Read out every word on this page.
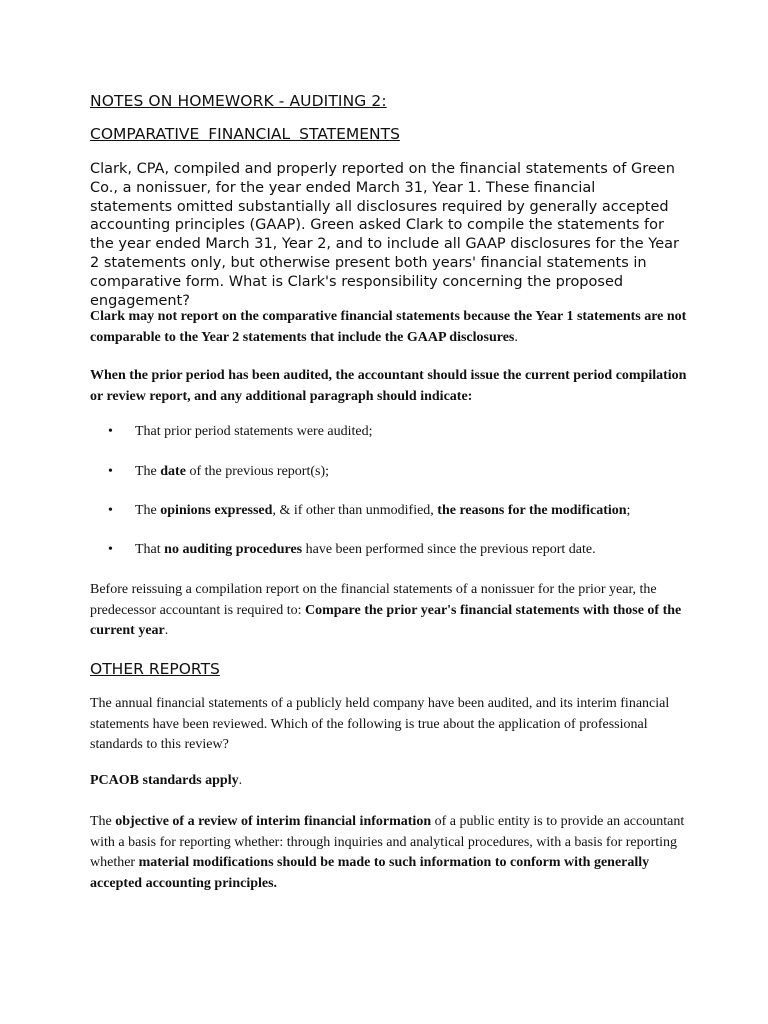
NOTES ON HOMEWORK - AUDITING 2:
COMPARATIVE FINANCIAL STATEMENTS

Clark, CPA, compiled and properly reported on the financial statements of Green Co., a nonissuer, for the year ended March 31, Year 1. These financial statements omitted substantially all disclosures required by generally accepted accounting principles (GAAP). Green asked Clark to compile the statements for the year ended March 31, Year 2, and to include all GAAP disclosures for the Year 2 statements only, but otherwise present both years' financial statements in comparative form. What is Clark's responsibility concerning the proposed engagement?

Clark may not report on the comparative financial statements because the Year 1 statements are not comparable to the Year 2 statements that include the GAAP disclosures.

When the prior period has been audited, the accountant should issue the current period compilation or review report, and any additional paragraph should indicate:

• That prior period statements were audited;
• The date of the previous report(s);
• The opinions expressed, & if other than unmodified, the reasons for the modification;
• That no auditing procedures have been performed since the previous report date.

Before reissuing a compilation report on the financial statements of a nonissuer for the prior year, the predecessor accountant is required to: Compare the prior year's financial statements with those of the current year.

OTHER REPORTS

The annual financial statements of a publicly held company have been audited, and its interim financial statements have been reviewed. Which of the following is true about the application of professional standards to this review?

PCAOB standards apply.

The objective of a review of interim financial information of a public entity is to provide an accountant with a basis for reporting whether: through inquiries and analytical procedures, with a basis for reporting whether material modifications should be made to such information to conform with generally accepted accounting principles.
